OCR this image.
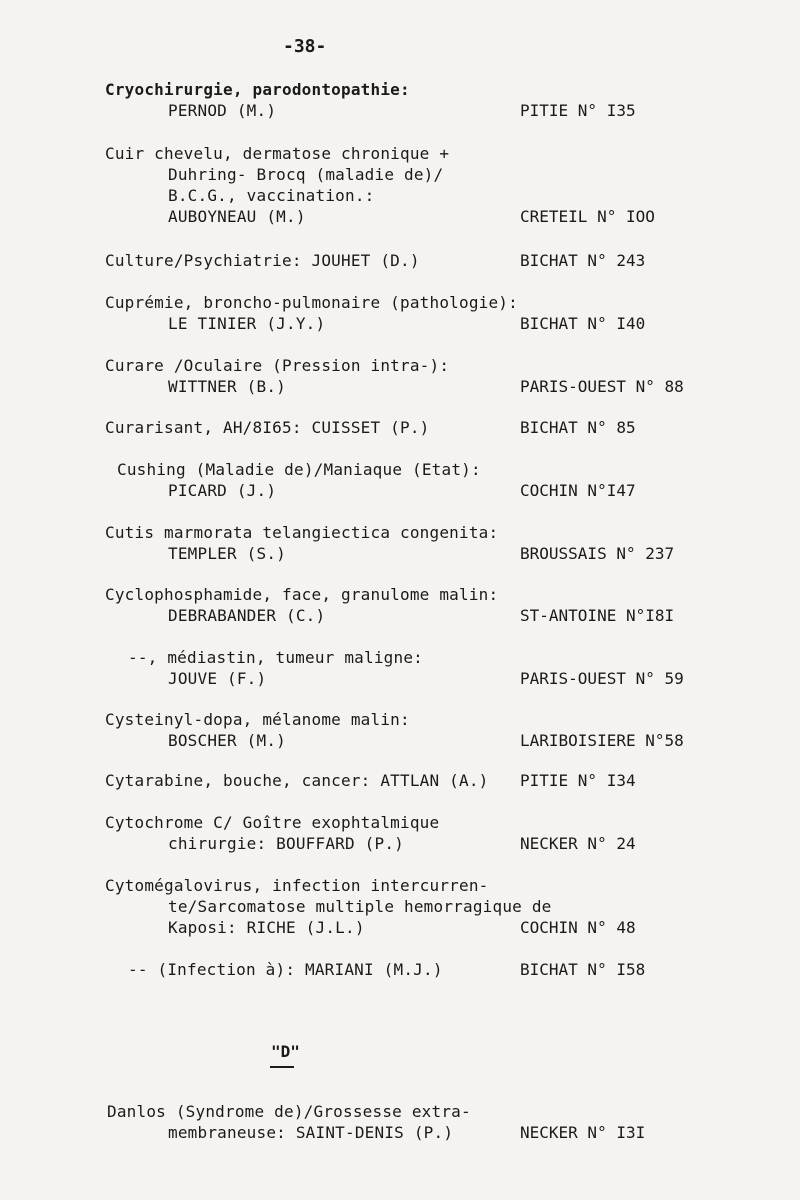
-38-
Cryochirurgie, parodontopathie:
PERNOD (M.)	PITIE N° I35
Cuir chevelu, dermatose chronique +
Duhring- Brocq (maladie de)/
B.C.G., vaccination.:
AUBOYNEAU (M.)	CRETEIL N° IOO
Culture/Psychiatrie: JOUHET (D.)	BICHAT N° 243
Cuprémie, broncho-pulmonaire (pathologie):
LE TINIER (J.Y.)	BICHAT N° I40
Curare /Oculaire (Pression intra-):
WITTNER (B.)	PARIS-OUEST N° 88
Curarisant, AH/8I65: CUISSET (P.)	BICHAT N° 85
Cushing (Maladie de)/Maniaque (Etat):
PICARD (J.)	COCHIN N°I47
Cutis marmorata telangiectica congenita:
TEMPLER (S.)	BROUSSAIS N° 237
Cyclophosphamide, face, granulome malin:
DEBRABANDER (C.)	ST-ANTOINE N°I8I
--, médiastin, tumeur maligne:
JOUVE (F.)	PARIS-OUEST N° 59
Cysteinyl-dopa, mélanome malin:
BOSCHER (M.)	LARIBOISIERE N°58
Cytarabine, bouche, cancer: ATTLAN (A.) PITIE N° I34
Cytochrome C/ Goître exophtalmique
chirurgie: BOUFFARD (P.)	NECKER N° 24
Cytomégalovirus, infection intercurren-
te/Sarcomatose multiple hemorragique de
Kaposi: RICHE (J.L.)	COCHIN N° 48
-- (Infection à): MARIANI (M.J.)	BICHAT N° I58
"D"
Danlos (Syndrome de)/Grossesse extra-
membraneuse: SAINT-DENIS (P.)	NECKER N° I3I
